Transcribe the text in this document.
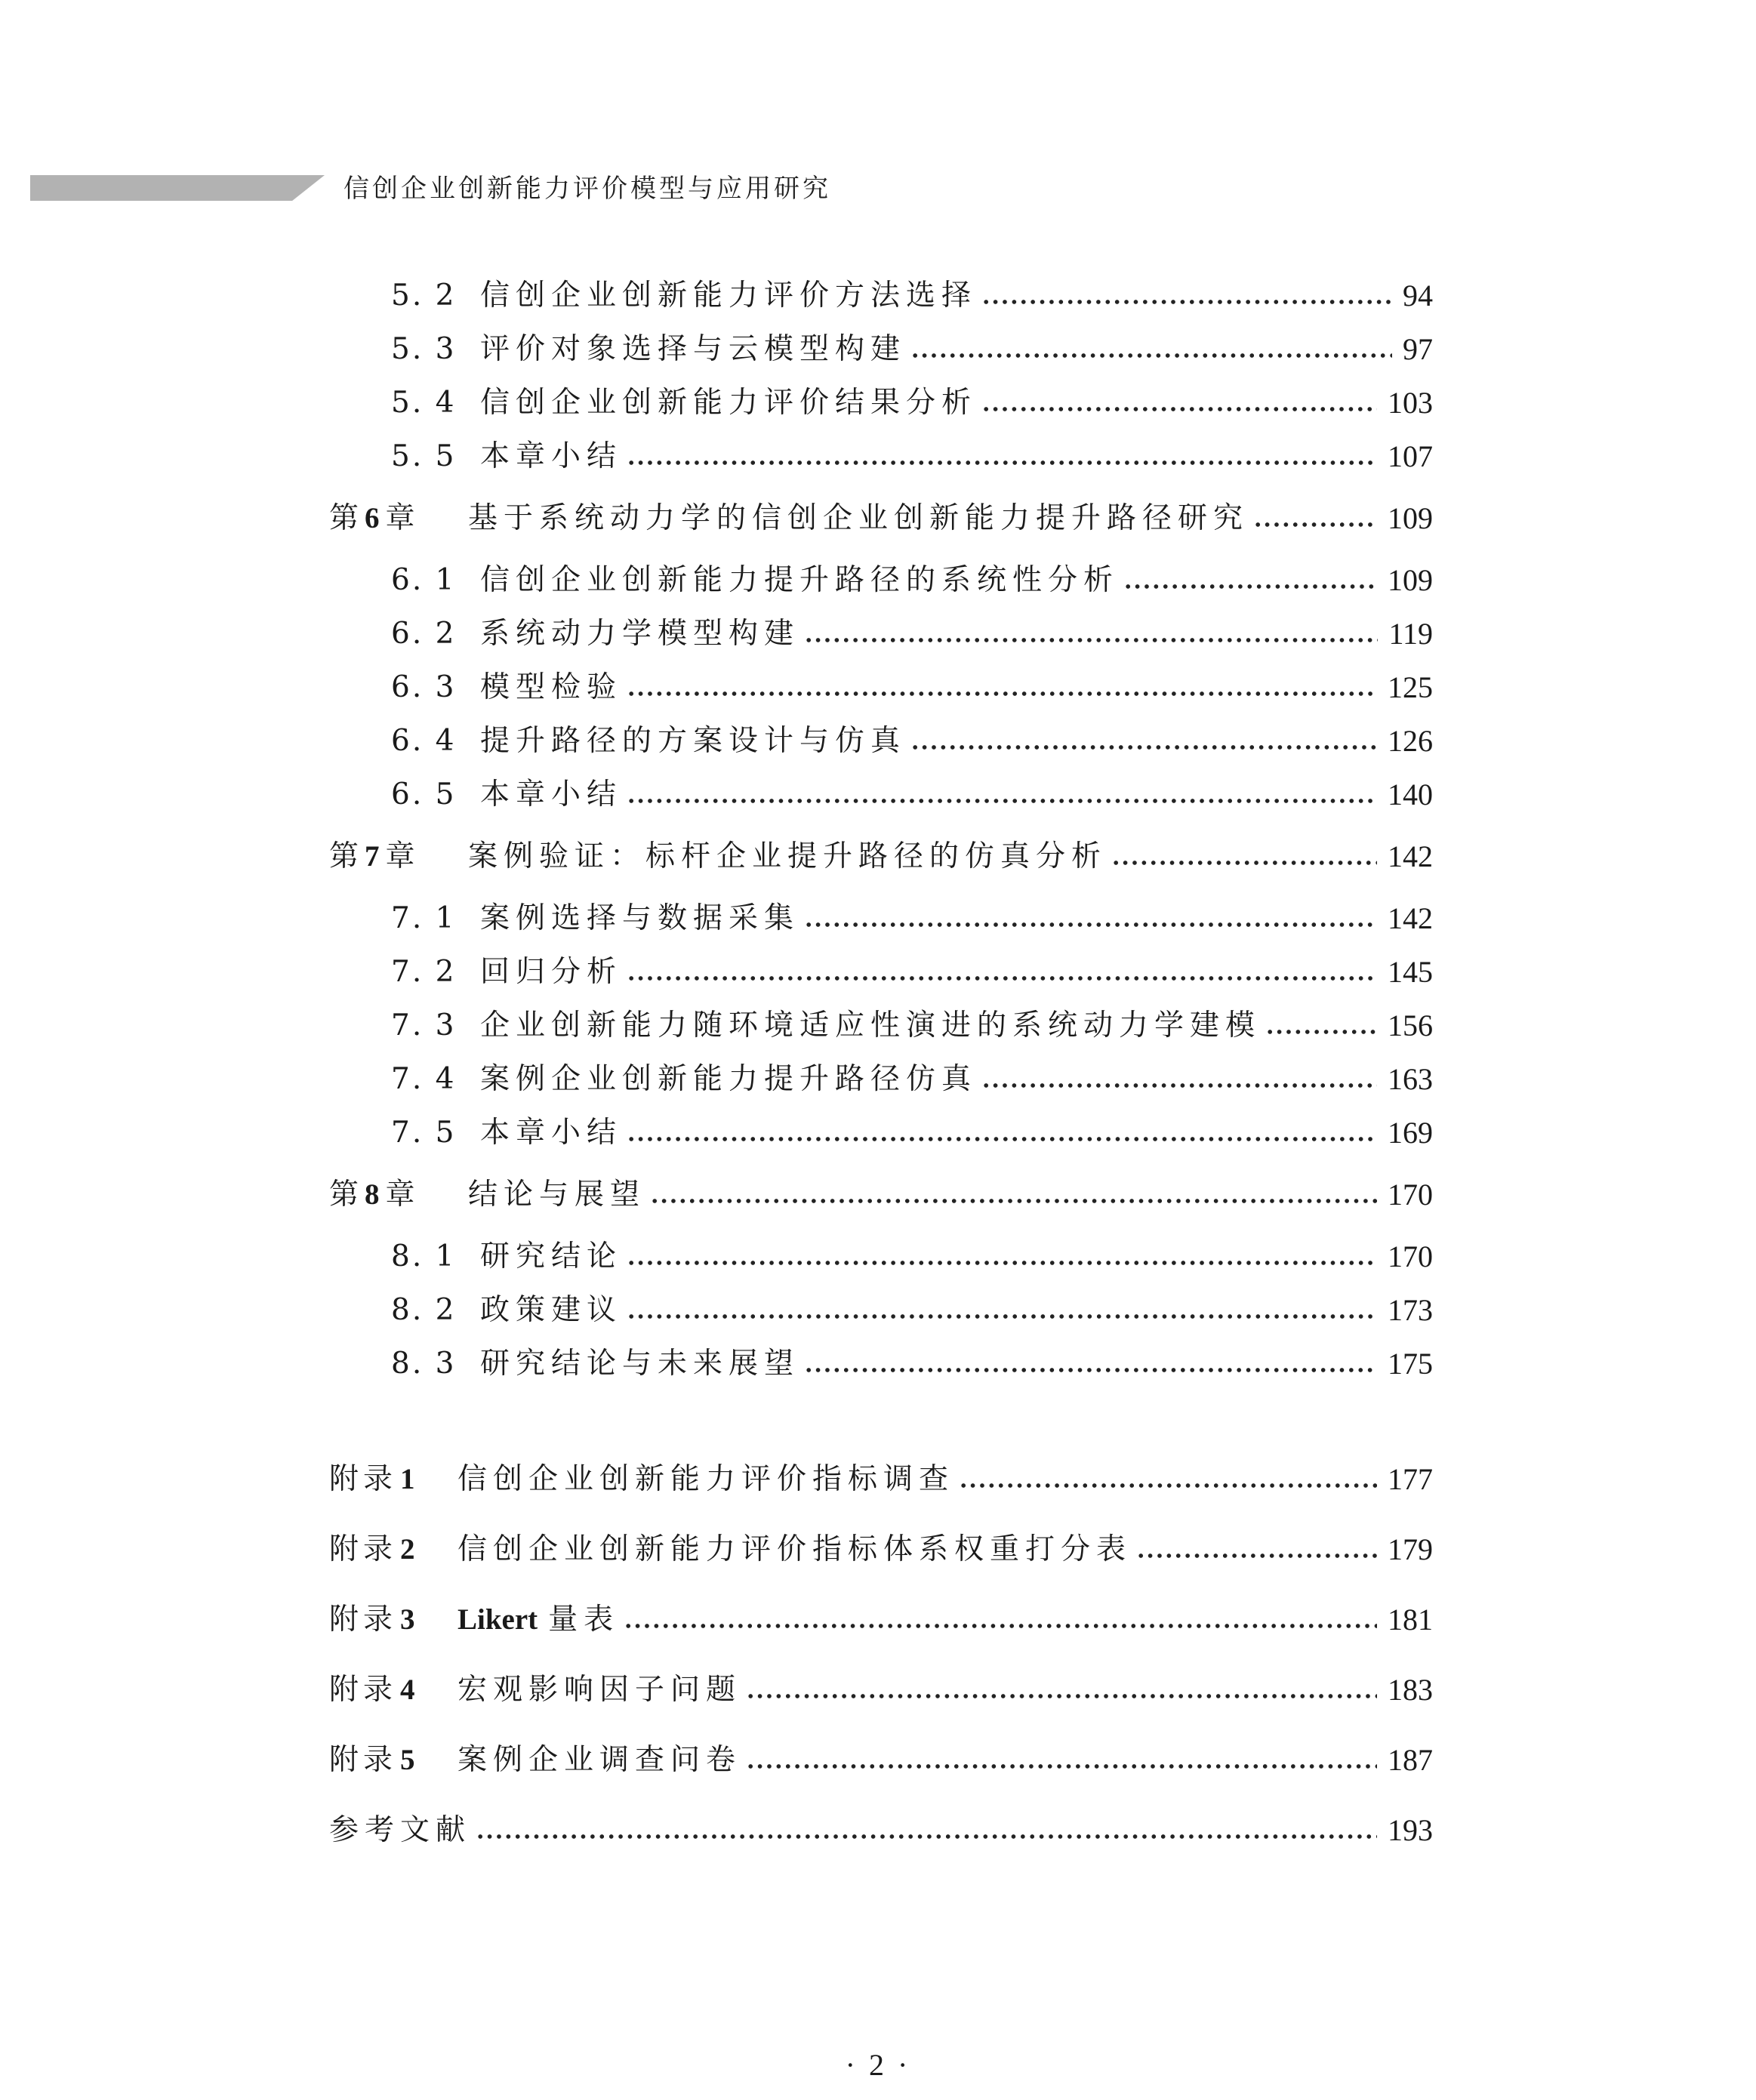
信创企业创新能力评价模型与应用研究
5. 2 信创企业创新能力评价方法选择	94
5. 3 评价对象选择与云模型构建	97
5. 4 信创企业创新能力评价结果分析	103
5. 5 本章小结	107
第6 章	基于系统动力学的信创企业创新能力提升路径研究	109
6. 1 信创企业创新能力提升路径的系统性分析	109
6. 2 系统动力学模型构建	119
6. 3 模型检验	125
6. 4 提升路径的方案设计与仿真	126
6. 5 本章小结	140
第7 章	案例验证：标杆企业提升路径的仿真分析	142
7. 1 案例选择与数据采集	142
7. 2 回归分析	145
7. 3 企业创新能力随环境适应性演进的系统动力学建模	156
7. 4 案例企业创新能力提升路径仿真	163
7. 5 本章小结	169
第8 章	结论与展望	170
8. 1 研究结论	170
8. 2 政策建议	173
8. 3 研究结论与未来展望	175
附录 1	信创企业创新能力评价指标调查	177
附录 2	信创企业创新能力评价指标体系权重打分表	179
附录 3	Likert 量表	181
附录 4	宏观影响因子问题	183
附录 5	案例企业调查问卷	187
参考文献	193
· 2 ·
